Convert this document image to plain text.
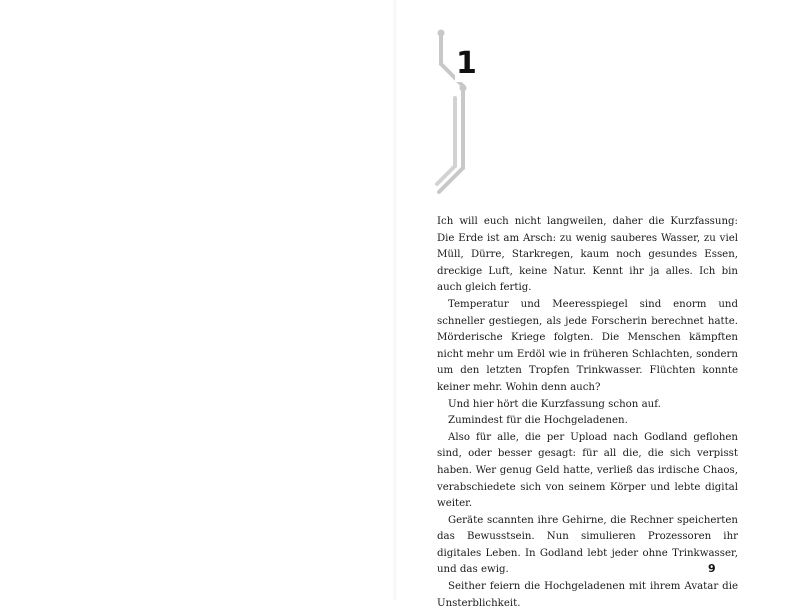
1

Ich will euch nicht langweilen, daher die Kurzfassung: Die Erde ist am Arsch: zu wenig sauberes Wasser, zu viel Müll, Dürre, Starkregen, kaum noch gesundes Essen, dreckige Luft, keine Natur. Kennt ihr ja alles. Ich bin auch gleich fertig.

Temperatur und Meeresspiegel sind enorm und schneller gestiegen, als jede Forscherin berechnet hatte. Mörderische Kriege folgten. Die Menschen kämpften nicht mehr um Erdöl wie in früheren Schlachten, sondern um den letzten Tropfen Trinkwasser. Flüchten konnte keiner mehr. Wohin denn auch?

Und hier hört die Kurzfassung schon auf.

Zumindest für die Hochgeladenen.

Also für alle, die per Upload nach Godland geflohen sind, oder besser gesagt: für all die, die sich verpisst haben. Wer genug Geld hatte, verließ das irdische Chaos, verabschiedete sich von seinem Körper und lebte digital weiter.

Geräte scannten ihre Gehirne, die Rechner speicherten das Bewusstsein. Nun simulieren Prozessoren ihr digitales Leben. In Godland lebt jeder ohne Trinkwasser, und das ewig.

Seither feiern die Hochgeladenen mit ihrem Avatar die Unsterblichkeit.

9
